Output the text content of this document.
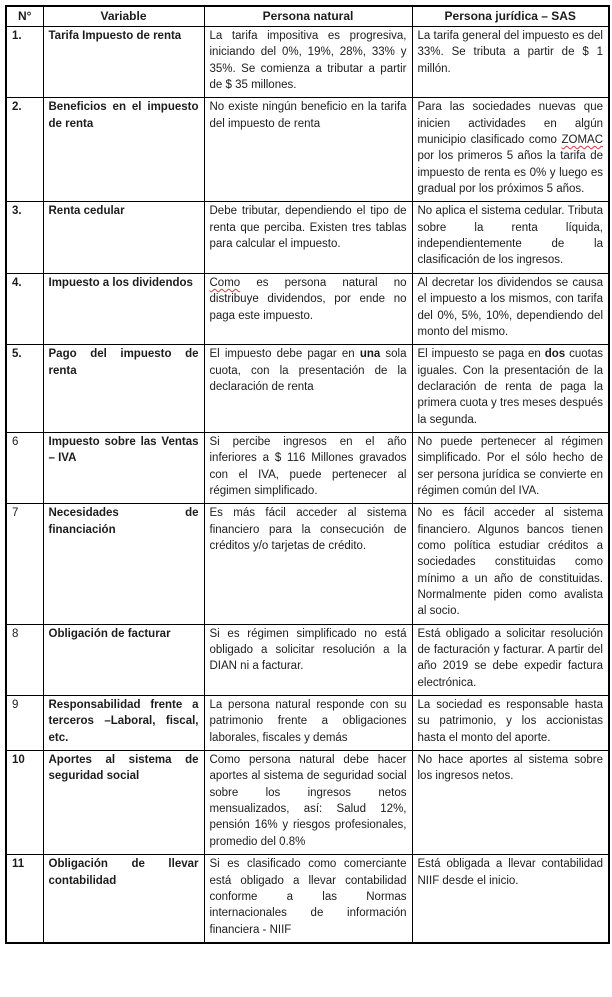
N°	Variable	Persona natural	Persona jurídica – SAS
1.	Tarifa Impuesto de renta	La tarifa impositiva es progresiva, iniciando del 0%, 19%, 28%, 33% y 35%. Se comienza a tributar a partir de $ 35 millones.	La tarifa general del impuesto es del 33%. Se tributa a partir de $ 1 millón.
2.	Beneficios en el impuesto de renta	No existe ningún beneficio en la tarifa del impuesto de renta	Para las sociedades nuevas que inicien actividades en algún municipio clasificado como ZOMAC por los primeros 5 años la tarifa de impuesto de renta es 0% y luego es gradual por los próximos 5 años.
3.	Renta cedular	Debe tributar, dependiendo el tipo de renta que perciba. Existen tres tablas para calcular el impuesto.	No aplica el sistema cedular. Tributa sobre la renta líquida, independientemente de la clasificación de los ingresos.
4.	Impuesto a los dividendos	Como es persona natural no distribuye dividendos, por ende no paga este impuesto.	Al decretar los dividendos se causa el impuesto a los mismos, con tarifa del 0%, 5%, 10%, dependiendo del monto del mismo.
5.	Pago del impuesto de renta	El impuesto debe pagar en una sola cuota, con la presentación de la declaración de renta	El impuesto se paga en dos cuotas iguales. Con la presentación de la declaración de renta de paga la primera cuota y tres meses después la segunda.
6	Impuesto sobre las Ventas – IVA	Si percibe ingresos en el año inferiores a $ 116 Millones gravados con el IVA, puede pertenecer al régimen simplificado.	No puede pertenecer al régimen simplificado. Por el sólo hecho de ser persona jurídica se convierte en régimen común del IVA.
7	Necesidades de financiación	Es más fácil acceder al sistema financiero para la consecución de créditos y/o tarjetas de crédito.	No es fácil acceder al sistema financiero. Algunos bancos tienen como política estudiar créditos a sociedades constituidas como mínimo a un año de constituidas. Normalmente piden como avalista al socio.
8	Obligación de facturar	Si es régimen simplificado no está obligado a solicitar resolución a la DIAN ni a facturar.	Está obligado a solicitar resolución de facturación y facturar. A partir del año 2019 se debe expedir factura electrónica.
9	Responsabilidad frente a terceros –Laboral, fiscal, etc.	La persona natural responde con su patrimonio frente a obligaciones laborales, fiscales y demás	La sociedad es responsable hasta su patrimonio, y los accionistas hasta el monto del aporte.
10	Aportes al sistema de seguridad social	Como persona natural debe hacer aportes al sistema de seguridad social sobre los ingresos netos mensualizados, así: Salud 12%, pensión 16% y riesgos profesionales, promedio del 0.8%	No hace aportes al sistema sobre los ingresos netos.
11	Obligación de llevar contabilidad	Si es clasificado como comerciante está obligado a llevar contabilidad conforme a las Normas internacionales de información financiera - NIIF	Está obligada a llevar contabilidad NIIF desde el inicio.
